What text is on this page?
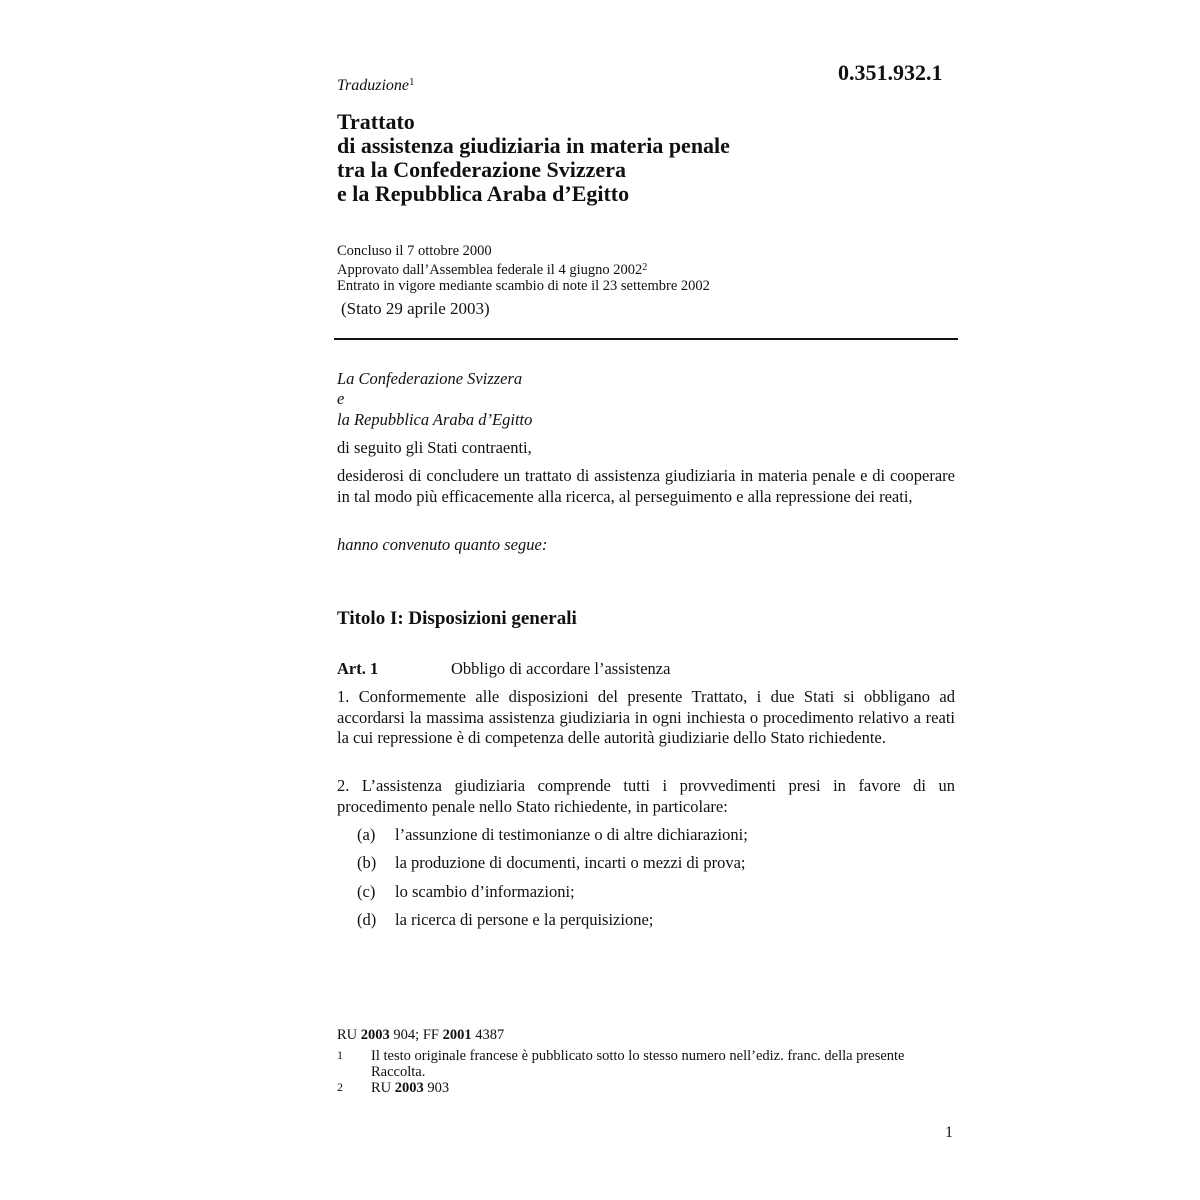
0.351.932.1
Traduzione$^1$
Trattato
di assistenza giudiziaria in materia penale
tra la Confederazione Svizzera
e la Repubblica Araba d’Egitto
Concluso il 7 ottobre 2000
Approvato dall’Assemblea federale il 4 giugno 2002$^2$
Entrato in vigore mediante scambio di note il 23 settembre 2002
(Stato 29 aprile 2003)
La Confederazione Svizzera
e
la Repubblica Araba d’Egitto
di seguito gli Stati contraenti,
desiderosi di concludere un trattato di assistenza giudiziaria in materia penale e di cooperare in tal modo più efficacemente alla ricerca, al perseguimento e alla repressione dei reati,
hanno convenuto quanto segue:
Titolo I: Disposizioni generali
Art. 1	Obbligo di accordare l’assistenza
1. Conformemente alle disposizioni del presente Trattato, i due Stati si obbligano ad accordarsi la massima assistenza giudiziaria in ogni inchiesta o procedimento relativo a reati la cui repressione è di competenza delle autorità giudiziarie dello Stato richiedente.
2. L’assistenza giudiziaria comprende tutti i provvedimenti presi in favore di un procedimento penale nello Stato richiedente, in particolare:
(a) l’assunzione di testimonianze o di altre dichiarazioni;
(b) la produzione di documenti, incarti o mezzi di prova;
(c) lo scambio d’informazioni;
(d) la ricerca di persone e la perquisizione;
RU 2003 904; FF 2001 4387
1 Il testo originale francese è pubblicato sotto lo stesso numero nell’ediz. franc. della presente Raccolta.
2 RU 2003 903
1
